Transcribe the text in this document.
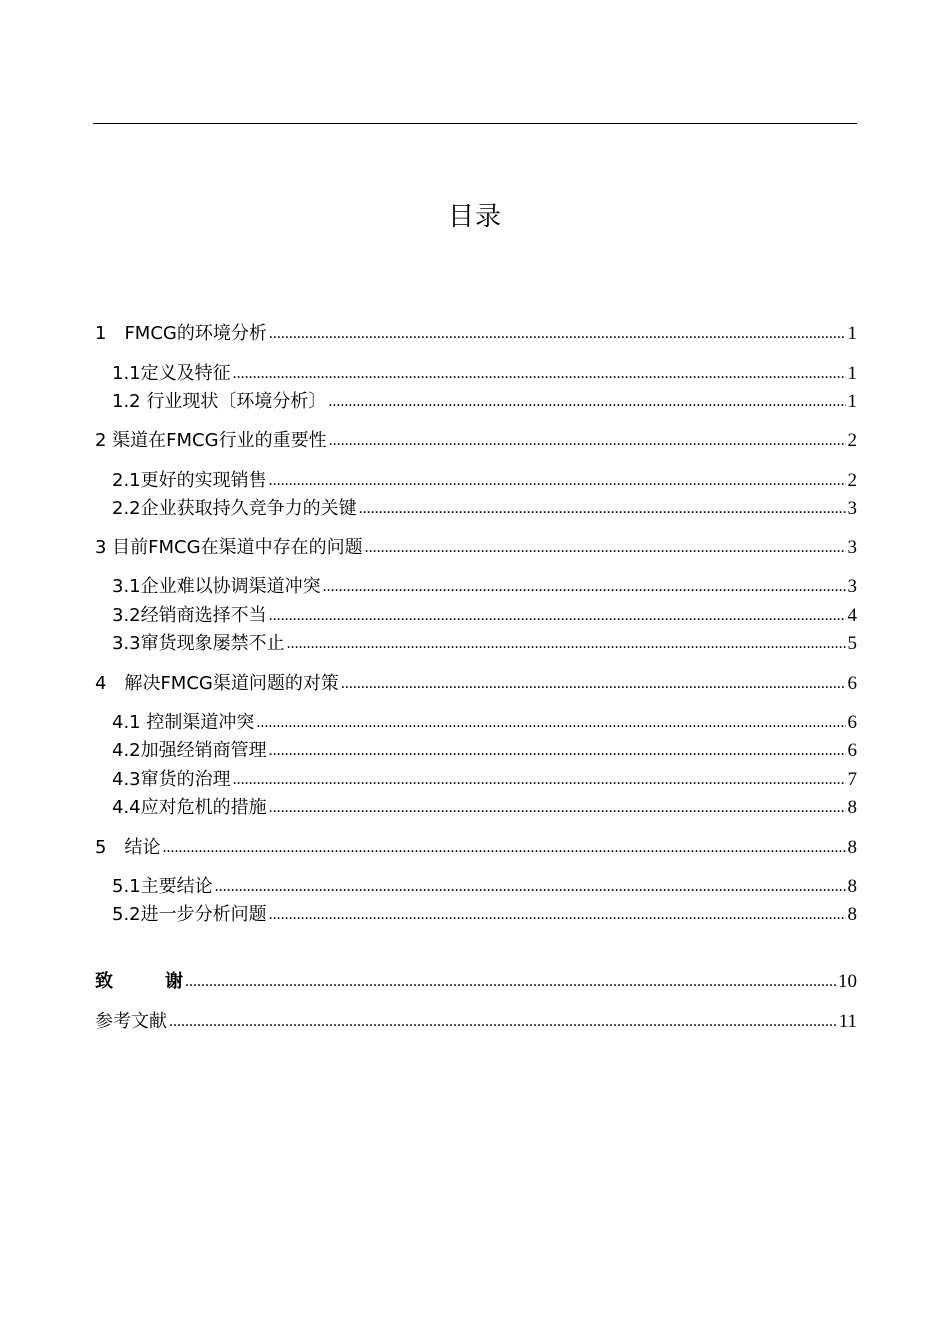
目录
1　FMCG的环境分析 .....	1
1.1定义及特征 .....	1
1.2 行业现状〔环境分析〕 .....	1
2 渠道在FMCG行业的重要性 .....	2
2.1更好的实现销售 .....	2
2.2企业获取持久竞争力的关键 .....	3
3 目前FMCG在渠道中存在的问题 .....	3
3.1企业难以协调渠道冲突 .....	3
3.2经销商选择不当 .....	4
3.3窜货现象屡禁不止 .....	5
4　解决FMCG渠道问题的对策 .....	6
4.1 控制渠道冲突 .....	6
4.2加强经销商管理 .....	6
4.3窜货的治理 .....	7
4.4应对危机的措施 .....	8
5　结论 .....	8
5.1主要结论 .....	8
5.2进一步分析问题 .....	8
致	谢 .....	10
参考文献 .....	11
